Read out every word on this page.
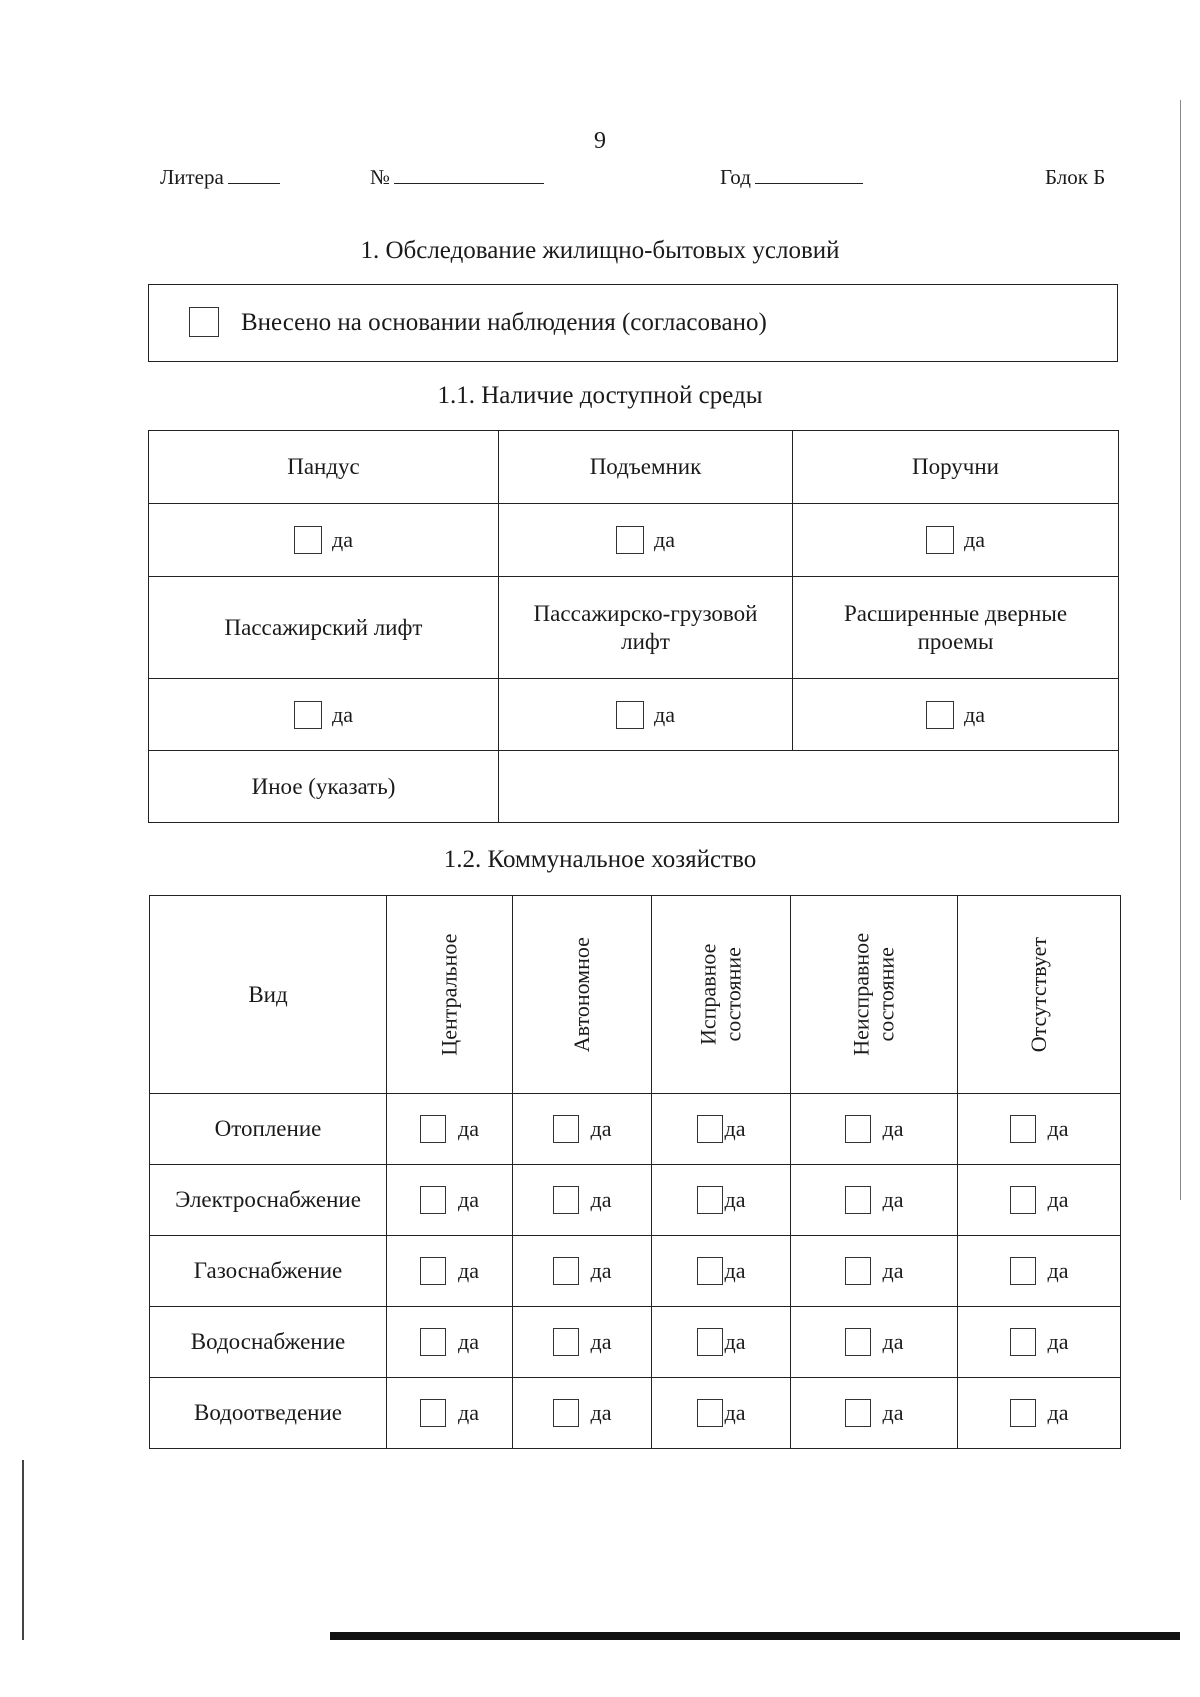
9
Литера	№	Год	Блок Б
1. Обследование жилищно-бытовых условий
Внесено на основании наблюдения (согласовано)
1.1. Наличие доступной среды
Пандус	Подъемник	Поручни
да	да	да
Пассажирский лифт	Пассажирско-грузовой лифт	Расширенные дверные проемы
да	да	да
Иное (указать)		
1.2. Коммунальное хозяйство
Вид	Центральное	Автономное	Исправное состояние	Неисправное состояние	Отсутствует

Отопление	да	да	да	да	да
Электроснабжение	да	да	да	да	да
Газоснабжение	да	да	да	да	да
Водоснабжение	да	да	да	да	да
Водоотведение	да	да	да	да	да
